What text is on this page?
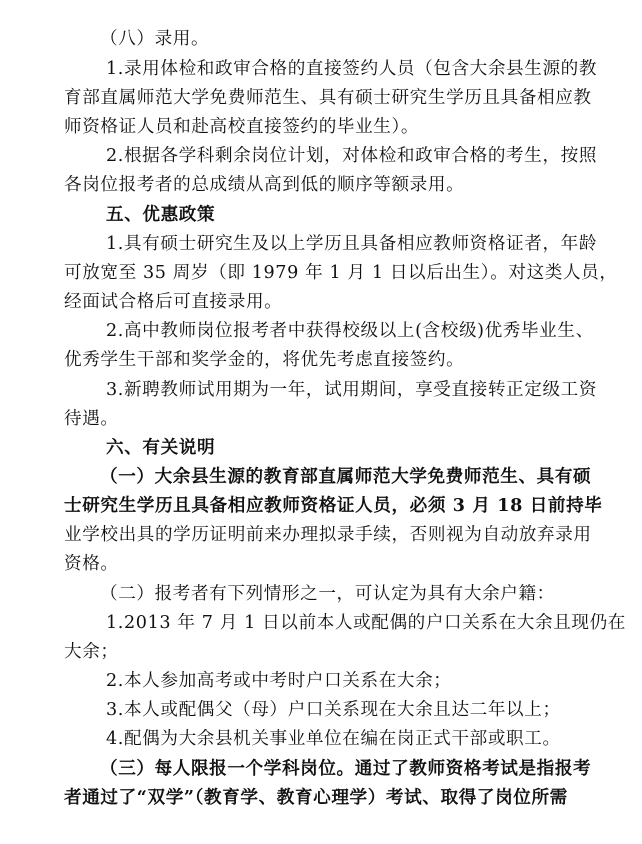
（八）录用。
1.录用体检和政审合格的直接签约人员（包含大余县生源的教
育部直属师范大学免费师范生、具有硕士研究生学历且具备相应教
师资格证人员和赴高校直接签约的毕业生）。
2.根据各学科剩余岗位计划，对体检和政审合格的考生，按照
各岗位报考者的总成绩从高到低的顺序等额录用。
五、优惠政策
1.具有硕士研究生及以上学历且具备相应教师资格证者，年龄
可放宽至 35 周岁（即 1979 年 1 月 1 日以后出生）。对这类人员，
经面试合格后可直接录用。
2.高中教师岗位报考者中获得校级以上(含校级)优秀毕业生、
优秀学生干部和奖学金的，将优先考虑直接签约。
3.新聘教师试用期为一年，试用期间，享受直接转正定级工资
待遇。
六、有关说明
（一）大余县生源的教育部直属师范大学免费师范生、具有硕
士研究生学历且具备相应教师资格证人员，必须 3 月 18 日前持毕
业学校出具的学历证明前来办理拟录手续，否则视为自动放弃录用
资格。
（二）报考者有下列情形之一，可认定为具有大余户籍：
1.2013 年 7 月 1 日以前本人或配偶的户口关系在大余且现仍在
大余；
2.本人参加高考或中考时户口关系在大余；
3.本人或配偶父（母）户口关系现在大余且达二年以上；
4.配偶为大余县机关事业单位在编在岗正式干部或职工。
（三）每人限报一个学科岗位。通过了教师资格考试是指报考
者通过了“双学”（教育学、教育心理学）考试、取得了岗位所需
